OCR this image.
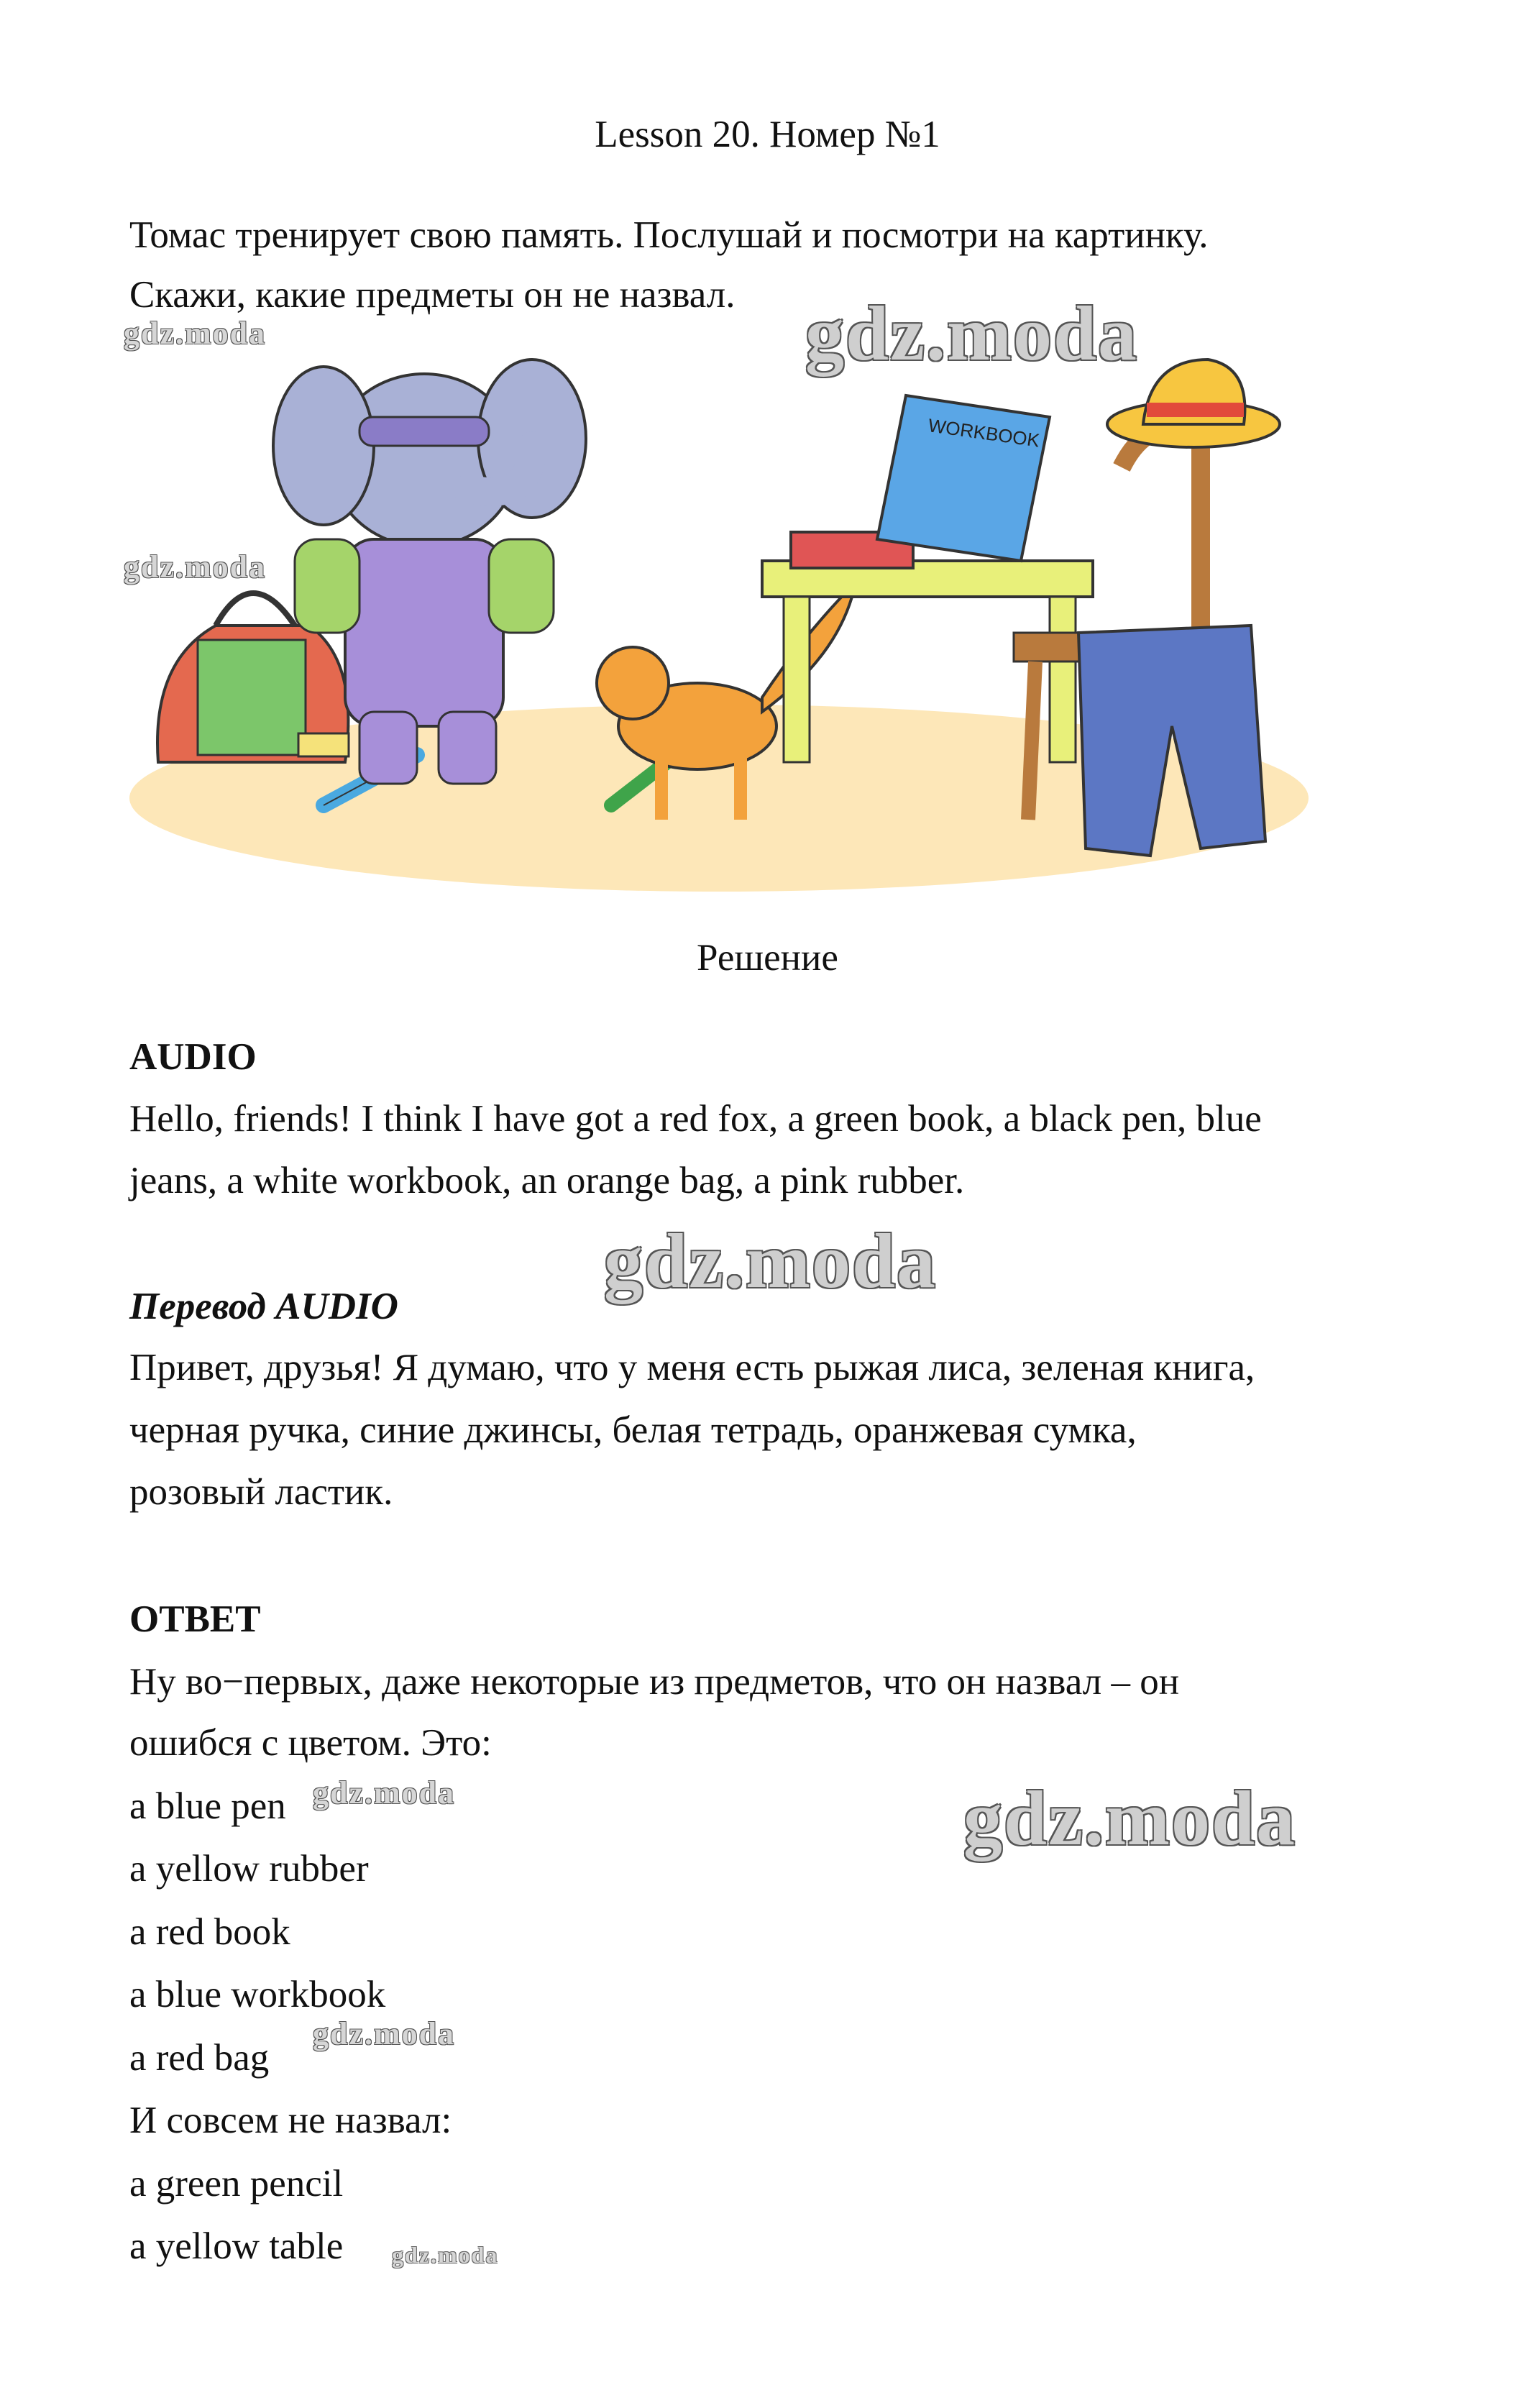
Lesson 20. Номер №1
Томас тренирует свою память. Послушай и посмотри на картинку.
Скажи, какие предметы он не назвал.
WORKBOOK
Решение
AUDIO
Hello, friends! I think I have got a red fox, a green book, a black pen, blue
jeans, a white workbook, an orange bag, a pink rubber.
Перевод AUDIO
Привет, друзья! Я думаю, что у меня есть рыжая лиса, зеленая книга,
черная ручка, синие джинсы, белая тетрадь, оранжевая сумка,
розовый ластик.
ОТВЕТ
Ну во−первых, даже некоторые из предметов, что он назвал – он
ошибся с цветом. Это:
a blue pen
a yellow rubber
a red book
a blue workbook
a red bag
И совсем не назвал:
a green pencil
a yellow table
gdz.moda
gdz.moda
gdz.moda
gdz.moda
gdz.moda
gdz.moda
gdz.moda
gdz.moda
